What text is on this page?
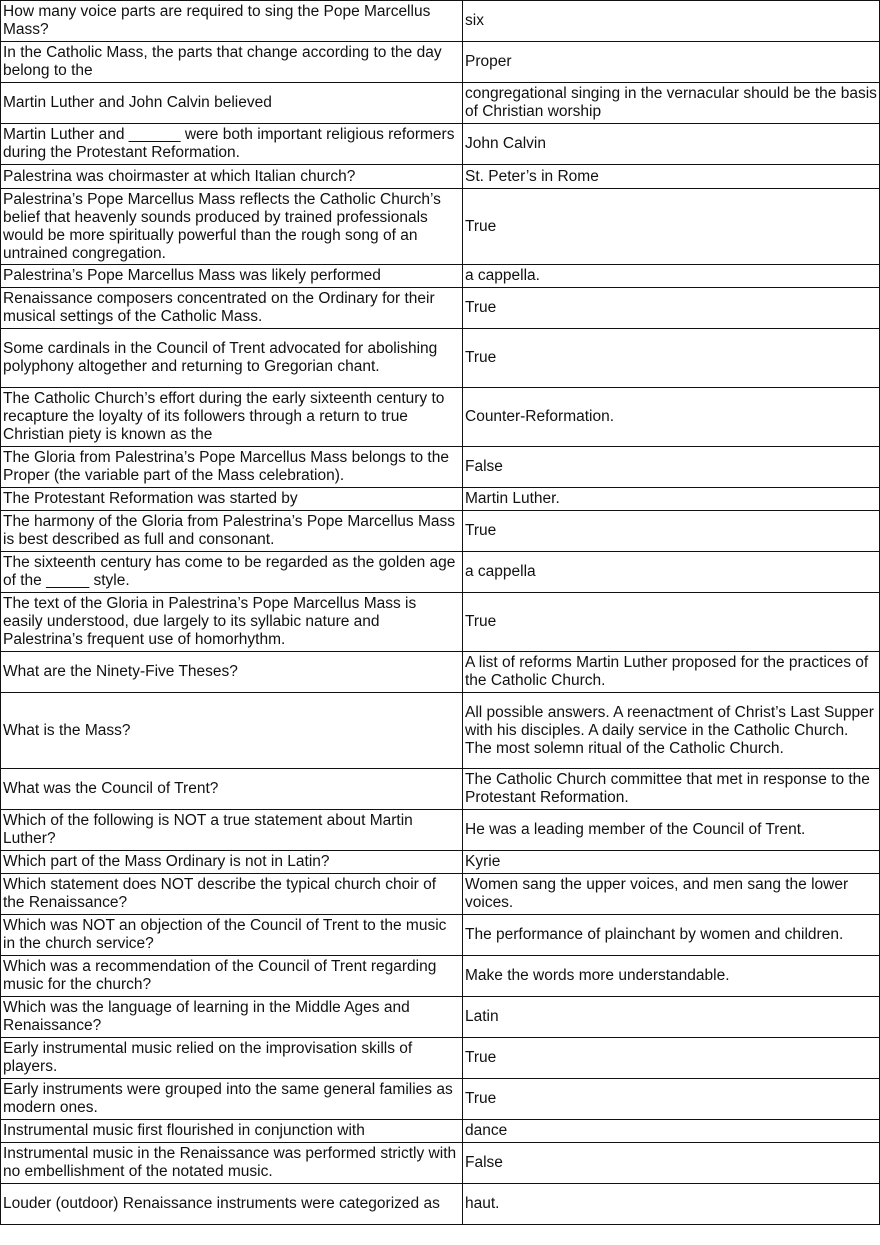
How many voice parts are required to sing the Pope Marcellus Mass?	six
In the Catholic Mass, the parts that change according to the day belong to the	Proper
Martin Luther and John Calvin believed	congregational singing in the vernacular should be the basis of Christian worship
Martin Luther and ______ were both important religious reformers during the Protestant Reformation.	John Calvin
Palestrina was choirmaster at which Italian church?	St. Peter’s in Rome
Palestrina’s Pope Marcellus Mass reflects the Catholic Church’s belief that heavenly sounds produced by trained professionals would be more spiritually powerful than the rough song of an untrained congregation.	True
Palestrina’s Pope Marcellus Mass was likely performed	a cappella.
Renaissance composers concentrated on the Ordinary for their musical settings of the Catholic Mass.	True
Some cardinals in the Council of Trent advocated for abolishing polyphony altogether and returning to Gregorian chant.	True
The Catholic Church’s effort during the early sixteenth century to recapture the loyalty of its followers through a return to true Christian piety is known as the	Counter-Reformation.
The Gloria from Palestrina’s Pope Marcellus Mass belongs to the Proper (the variable part of the Mass celebration).	False
The Protestant Reformation was started by	Martin Luther.
The harmony of the Gloria from Palestrina’s Pope Marcellus Mass is best described as full and consonant.	True
The sixteenth century has come to be regarded as the golden age of the _____ style.	a cappella
The text of the Gloria in Palestrina’s Pope Marcellus Mass is easily understood, due largely to its syllabic nature and Palestrina’s frequent use of homorhythm.	True
What are the Ninety-Five Theses?	A list of reforms Martin Luther proposed for the practices of the Catholic Church.
What is the Mass?	All possible answers. A reenactment of Christ’s Last Supper with his disciples. A daily service in the Catholic Church. The most solemn ritual of the Catholic Church.
What was the Council of Trent?	The Catholic Church committee that met in response to the Protestant Reformation.
Which of the following is NOT a true statement about Martin Luther?	He was a leading member of the Council of Trent.
Which part of the Mass Ordinary is not in Latin?	Kyrie
Which statement does NOT describe the typical church choir of the Renaissance?	Women sang the upper voices, and men sang the lower voices.
Which was NOT an objection of the Council of Trent to the music in the church service?	The performance of plainchant by women and children.
Which was a recommendation of the Council of Trent regarding music for the church?	Make the words more understandable.
Which was the language of learning in the Middle Ages and Renaissance?	Latin
Early instrumental music relied on the improvisation skills of players.	True
Early instruments were grouped into the same general families as modern ones.	True
Instrumental music first flourished in conjunction with	dance
Instrumental music in the Renaissance was performed strictly with no embellishment of the notated music.	False
Louder (outdoor) Renaissance instruments were categorized as	haut.
